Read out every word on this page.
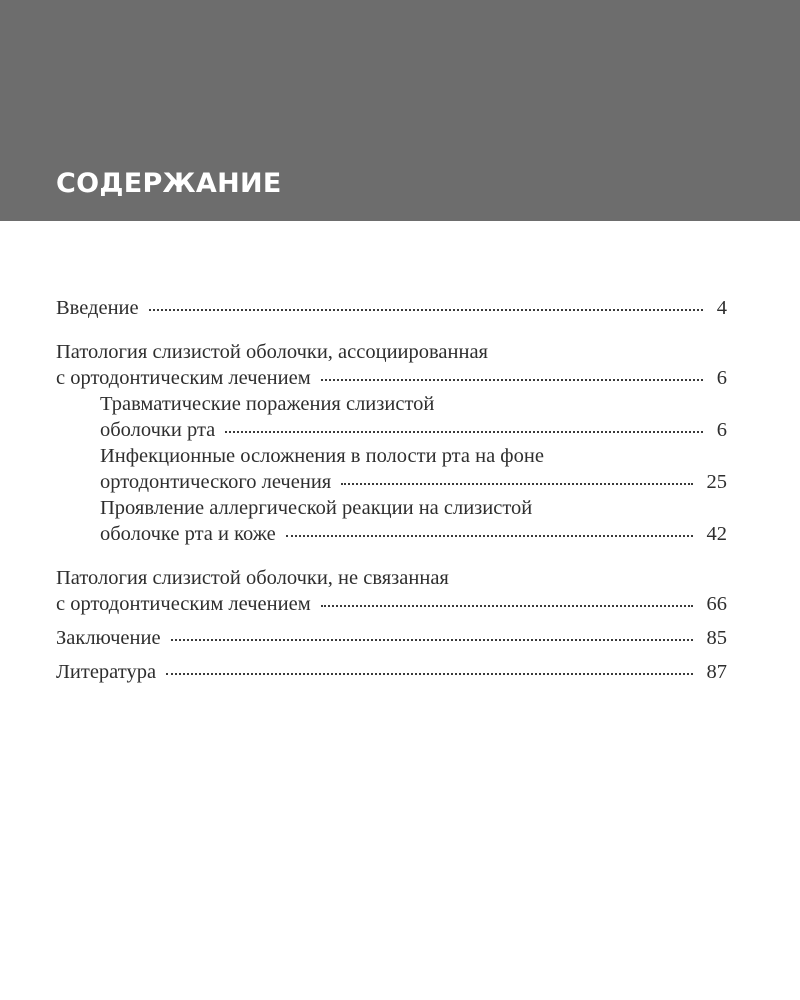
СОДЕРЖАНИЕ
Введение	4
Патология слизистой оболочки, ассоциированная
с ортодонтическим лечением	6
Травматические поражения слизистой
оболочки рта	6
Инфекционные осложнения в полости рта на фоне
ортодонтического лечения	25
Проявление аллергической реакции на слизистой
оболочке рта и коже	42
Патология слизистой оболочки, не связанная
с ортодонтическим лечением	66
Заключение	85
Литература	87
